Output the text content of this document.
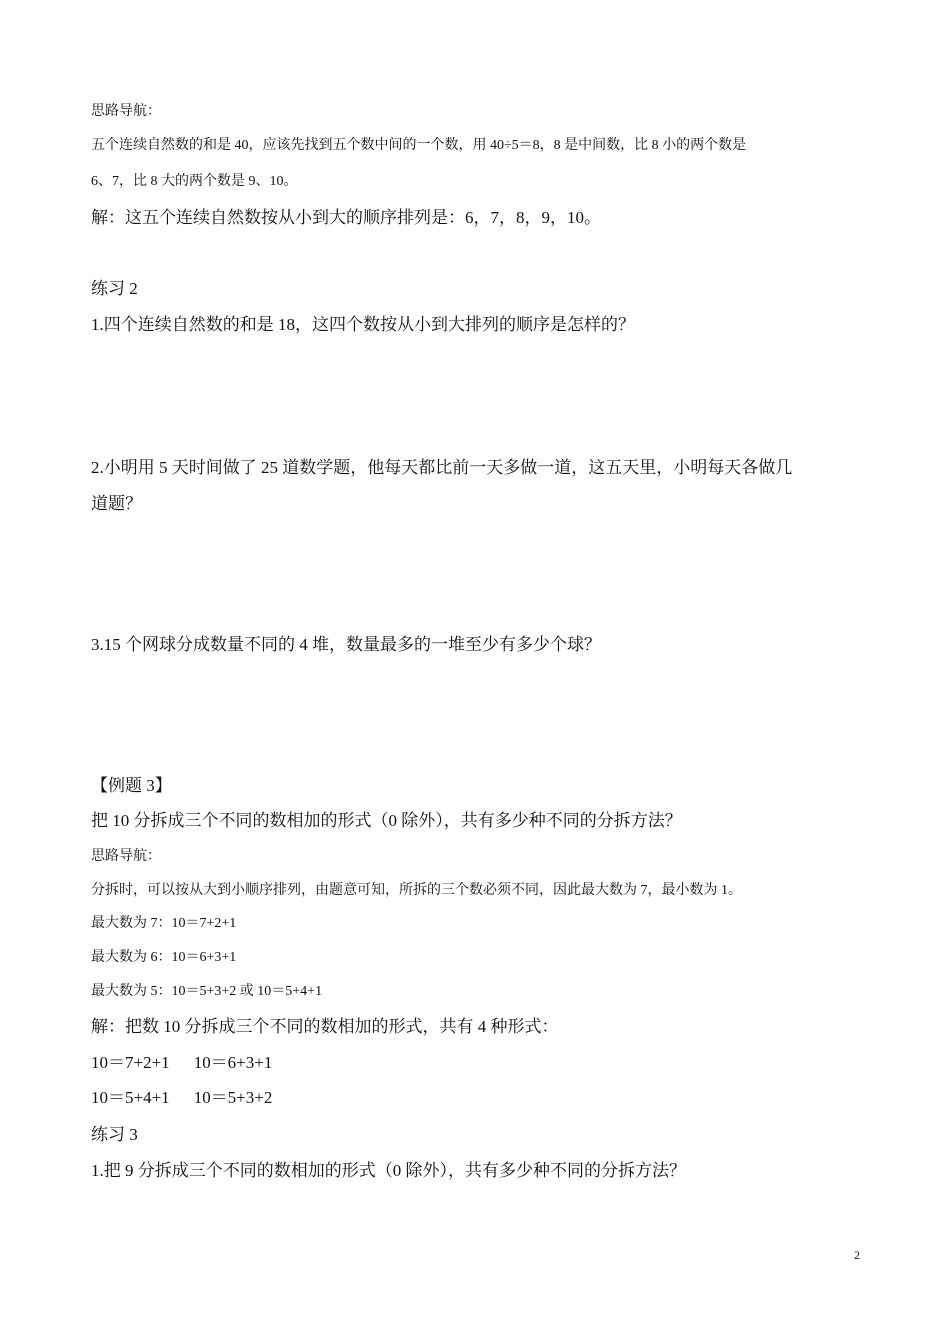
思路导航：
五个连续自然数的和是 40，应该先找到五个数中间的一个数，用 40÷5＝8，8 是中间数，比 8 小的两个数是
6、7，比 8 大的两个数是 9、10。
解：这五个连续自然数按从小到大的顺序排列是：6，7，8，9，10。
练习 2
1.四个连续自然数的和是 18，这四个数按从小到大排列的顺序是怎样的？
2.小明用 5 天时间做了 25 道数学题，他每天都比前一天多做一道，这五天里，小明每天各做几
道题？
3.15 个网球分成数量不同的 4 堆，数量最多的一堆至少有多少个球？
【例题 3】
把 10 分拆成三个不同的数相加的形式（0 除外），共有多少种不同的分拆方法？
思路导航：
分拆时，可以按从大到小顺序排列，由题意可知，所拆的三个数必须不同，因此最大数为 7，最小数为 1。
最大数为 7：10＝7+2+1
最大数为 6：10＝6+3+1
最大数为 5：10＝5+3+2 或 10＝5+4+1
解：把数 10 分拆成三个不同的数相加的形式，共有 4 种形式：
10＝7+2+1 10＝6+3+1
10＝5+4+1 10＝5+3+2
练习 3
1.把 9 分拆成三个不同的数相加的形式（0 除外），共有多少种不同的分拆方法？
2
